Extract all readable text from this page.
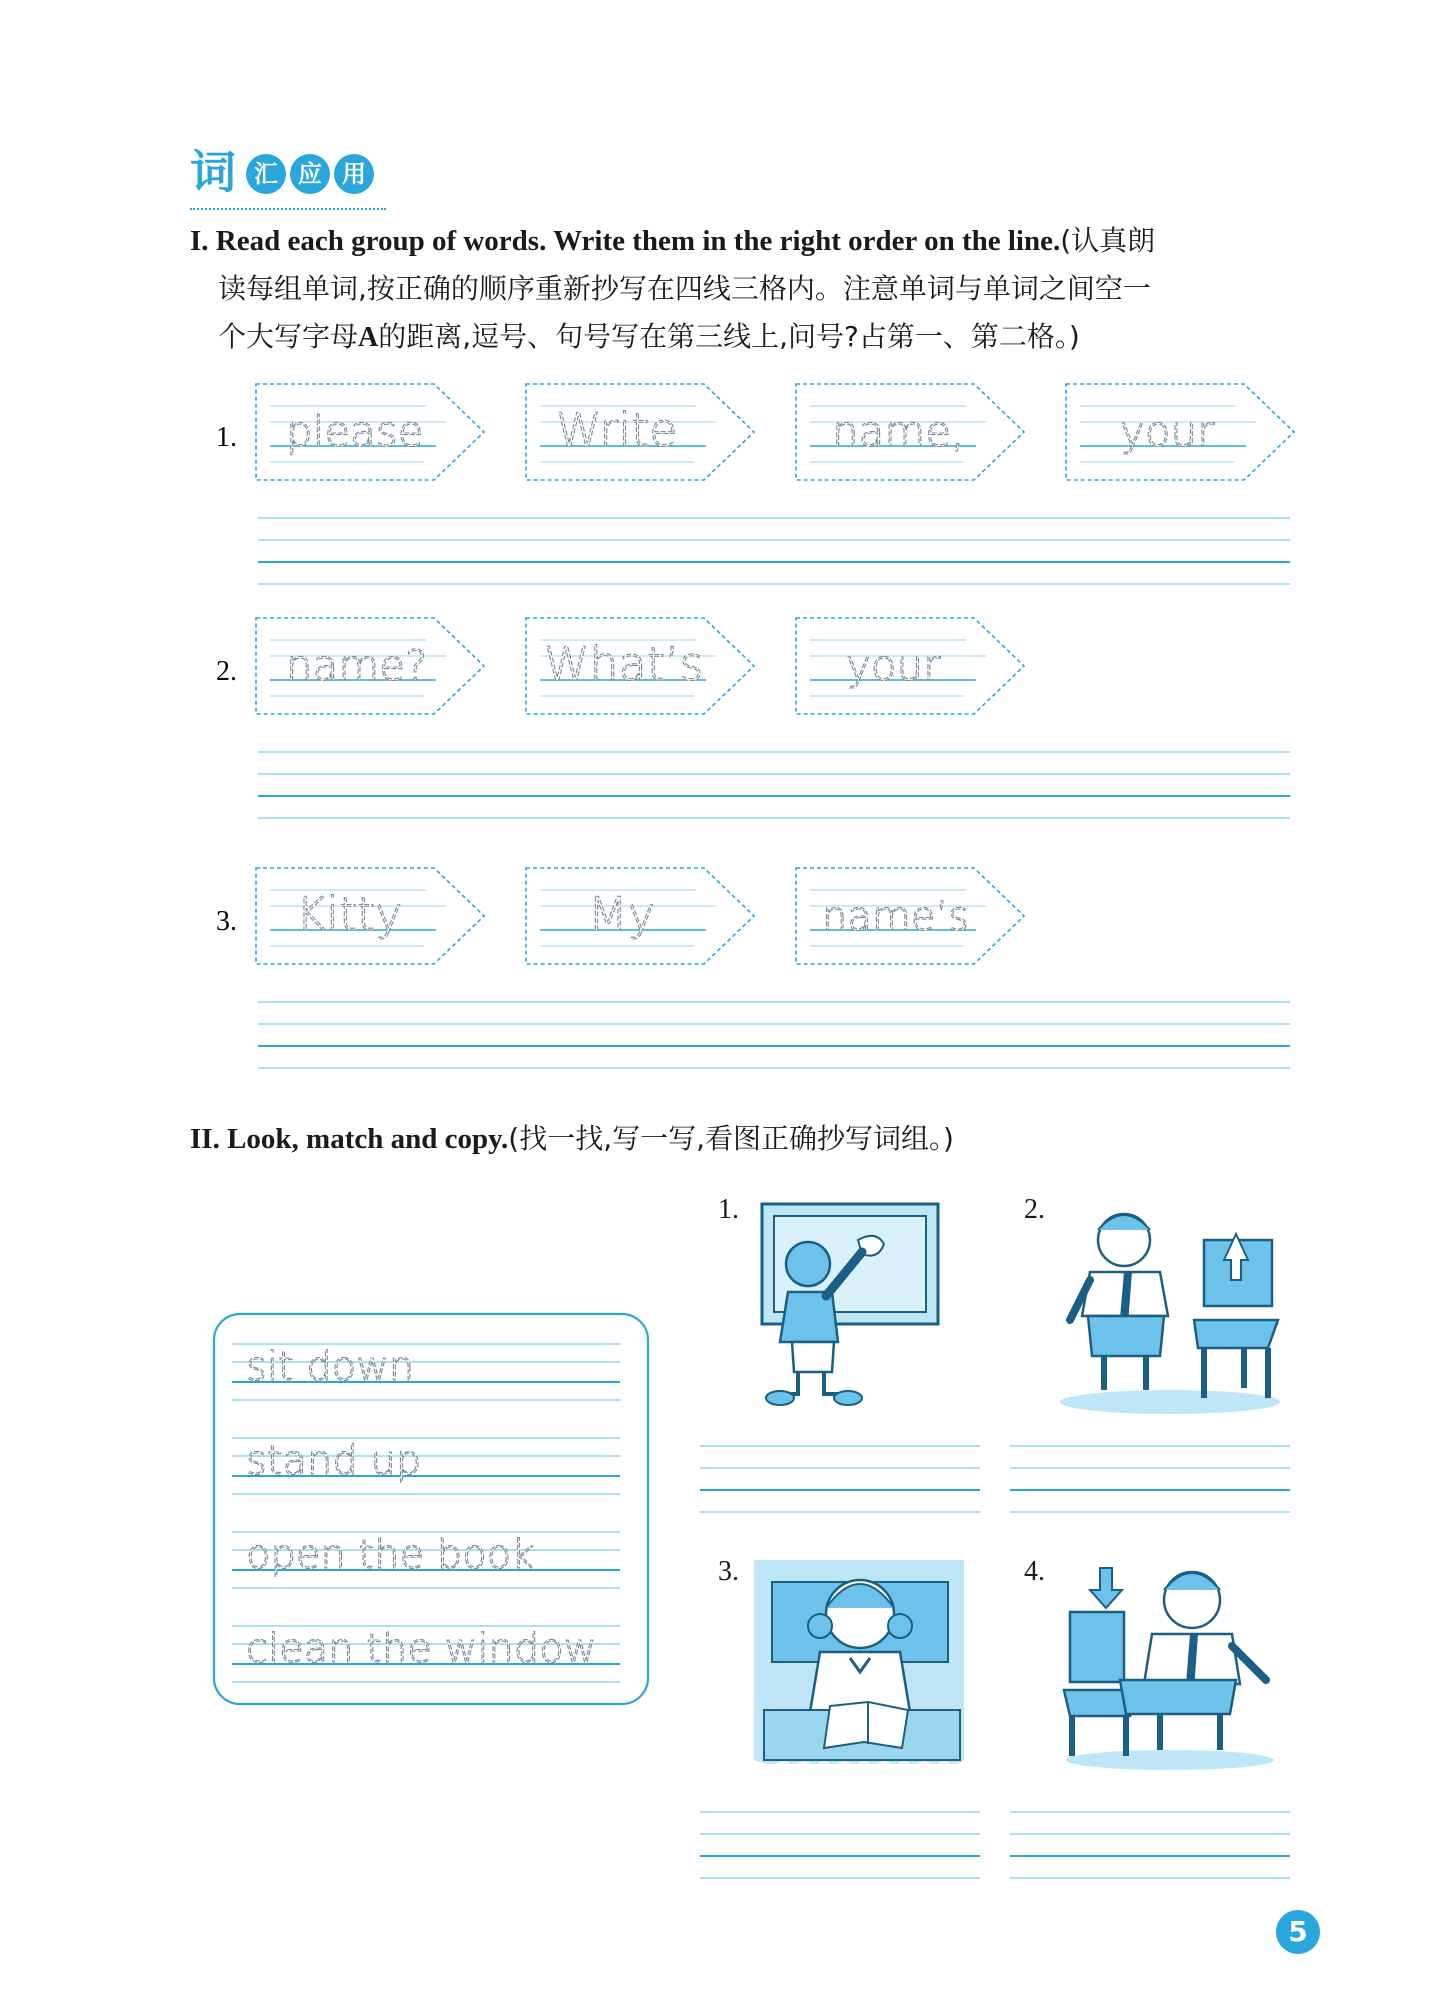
词 汇 应 用
I. Read each group of words. Write them in the right order on the line.(认真朗
读每组单词,按正确的顺序重新抄写在四线三格内。注意单词与单词之间空一
个大写字母A的距离,逗号、句号写在第三线上,问号?占第一、第二格。)
1. please	Write	name,	your
2. name?	What’s	your
3. Kitty	My	name’s
II. Look, match and copy.(找一找,写一写,看图正确抄写词组。)
sit down
stand up
open the book
clean the window
1.	2.
3.	4.
5
